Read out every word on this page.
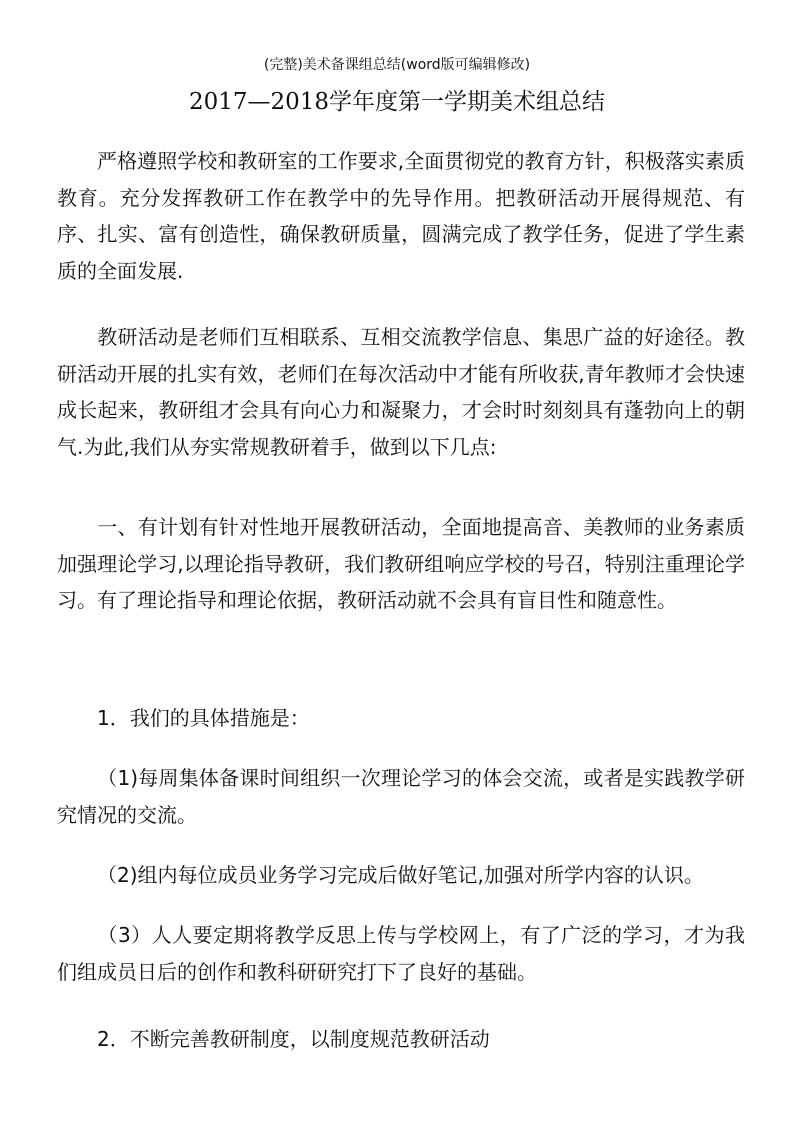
(完整)美术备课组总结(word版可编辑修改)
2017—2018学年度第一学期美术组总结

严格遵照学校和教研室的工作要求,全面贯彻党的教育方针，积极落实素质教育。充分发挥教研工作在教学中的先导作用。把教研活动开展得规范、有序、扎实、富有创造性，确保教研质量，圆满完成了教学任务，促进了学生素质的全面发展.

教研活动是老师们互相联系、互相交流教学信息、集思广益的好途径。教研活动开展的扎实有效，老师们在每次活动中才能有所收获,青年教师才会快速成长起来，教研组才会具有向心力和凝聚力，才会时时刻刻具有蓬勃向上的朝气.为此,我们从夯实常规教研着手，做到以下几点:

一、有计划有针对性地开展教研活动，全面地提高音、美教师的业务素质加强理论学习,以理论指导教研，我们教研组响应学校的号召，特别注重理论学习。有了理论指导和理论依据，教研活动就不会具有盲目性和随意性。

1．我们的具体措施是：

（1)每周集体备课时间组织一次理论学习的体会交流，或者是实践教学研究情况的交流。

（2)组内每位成员业务学习完成后做好笔记,加强对所学内容的认识。

（3）人人要定期将教学反思上传与学校网上，有了广泛的学习，才为我们组成员日后的创作和教科研研究打下了良好的基础。

2．不断完善教研制度，以制度规范教研活动
